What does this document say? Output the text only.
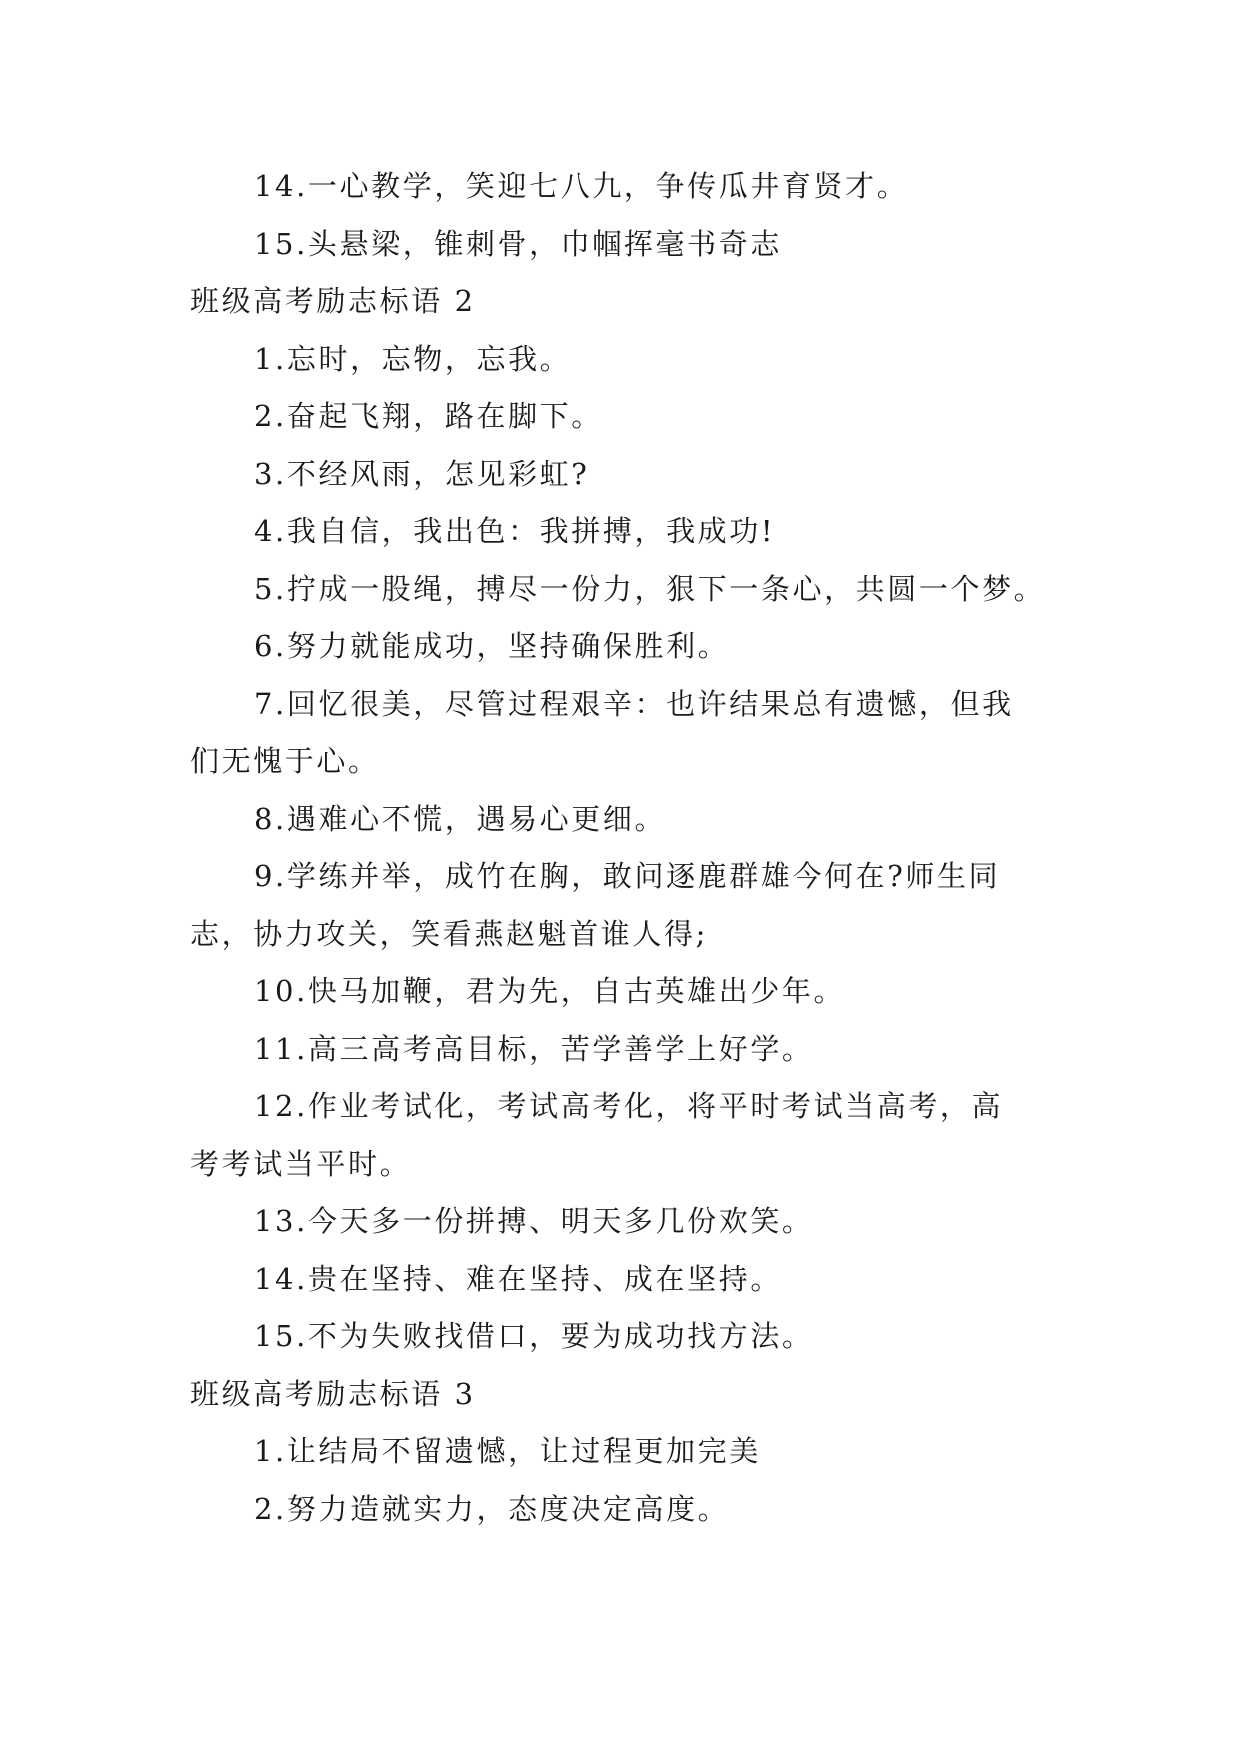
14.一心教学，笑迎七八九，争传瓜井育贤才。

15.头悬梁，锥刺骨，巾帼挥毫书奇志

班级高考励志标语 2

1.忘时，忘物，忘我。

2.奋起飞翔，路在脚下。

3.不经风雨，怎见彩虹?

4.我自信，我出色：我拼搏，我成功!

5.拧成一股绳，搏尽一份力，狠下一条心，共圆一个梦。

6.努力就能成功，坚持确保胜利。

7.回忆很美，尽管过程艰辛：也许结果总有遗憾，但我

们无愧于心。

8.遇难心不慌，遇易心更细。

9.学练并举，成竹在胸，敢问逐鹿群雄今何在?师生同

志，协力攻关，笑看燕赵魁首谁人得;

10.快马加鞭，君为先，自古英雄出少年。

11.高三高考高目标，苦学善学上好学。

12.作业考试化，考试高考化，将平时考试当高考，高

考考试当平时。

13.今天多一份拼搏、明天多几份欢笑。

14.贵在坚持、难在坚持、成在坚持。

15.不为失败找借口，要为成功找方法。

班级高考励志标语 3

1.让结局不留遗憾，让过程更加完美

2.努力造就实力，态度决定高度。
